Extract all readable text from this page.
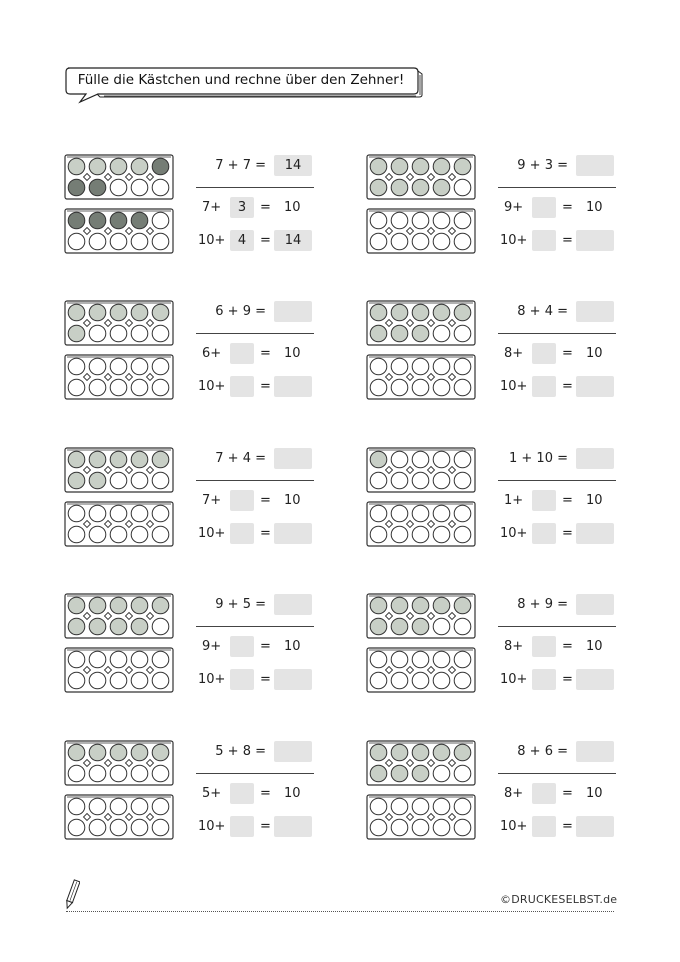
Fülle die Kästchen und rechne über den Zehner!
7 + 7 =	14
7+	3	= 10
10+ 4	=	14
9 + 3 =
9+	= 10
10+	=
6 + 9 =
6+	= 10
10+	=
8 + 4 =
8+	= 10
10+	=
7 + 4 =
7+	= 10
10+	=
1 + 10 =
1+	= 10
10+	=
9 + 5 =
9+	= 10
10+	=
8 + 9 =
8+	= 10
10+	=
5 + 8 =
5+	= 10
10+	=
8 + 6 =
8+	= 10
10+	=
©DRUCKESELBST.de
